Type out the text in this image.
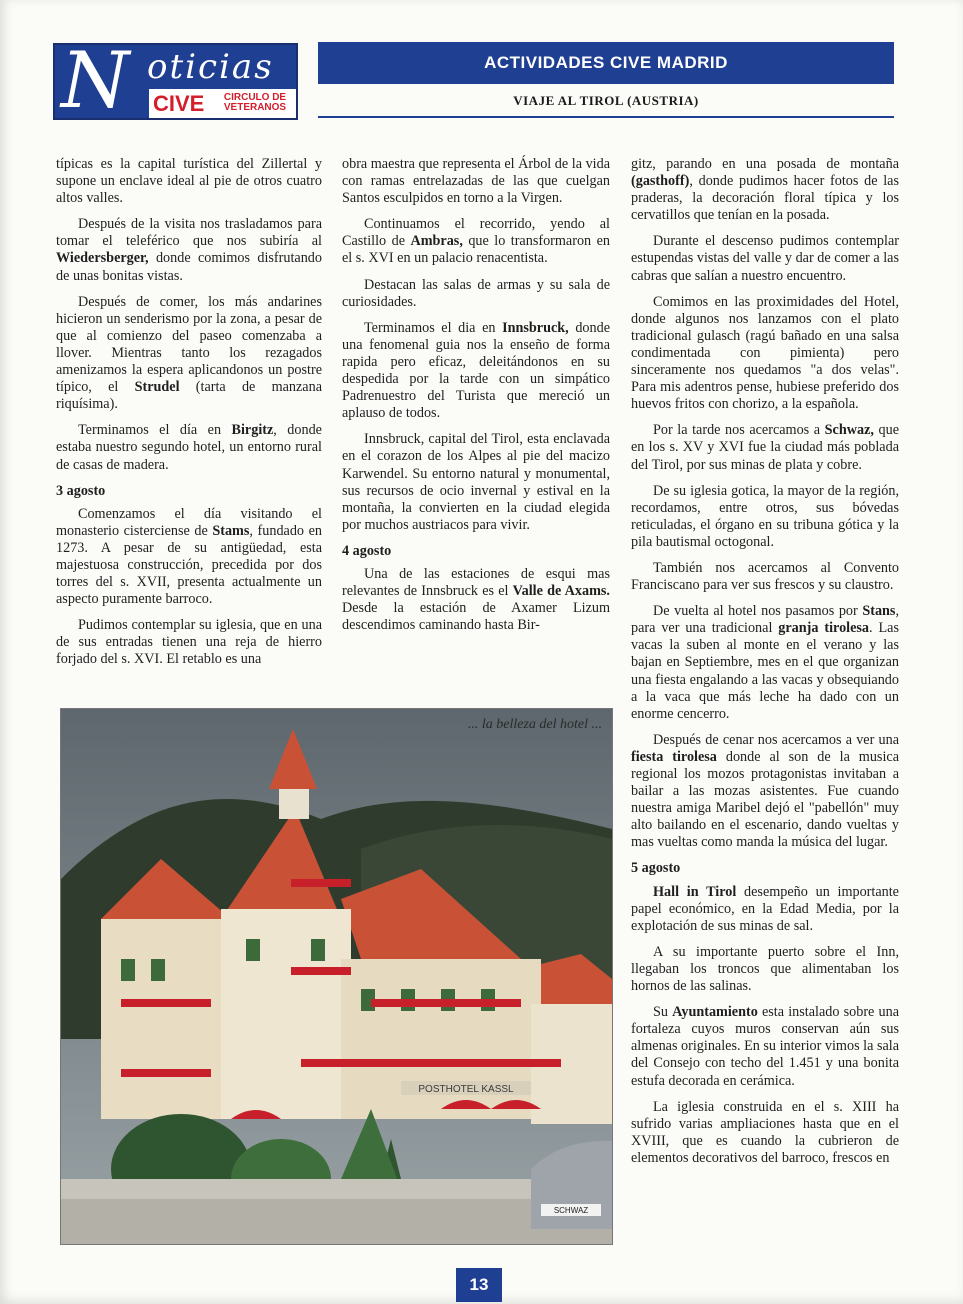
N oticias
CIVE	CIRCULO DE
VETERANOS
ACTIVIDADES CIVE MADRID
VIAJE AL TIROL (AUSTRIA)

típicas es la capital turística del Zillertal y supone un enclave ideal al pie de otros cuatro altos valles.

Después de la visita nos trasladamos para tomar el teleférico que nos subiría al Wiedersberger, donde comimos disfrutando de unas bonitas vistas.

Después de comer, los más andarines hicieron un senderismo por la zona, a pesar de que al comienzo del paseo comenzaba a llover. Mientras tanto los rezagados amenizamos la espera aplicandonos un postre típico, el Strudel (tarta de manzana riquísima).

Terminamos el día en Birgitz, donde estaba nuestro segundo hotel, un entorno rural de casas de madera.

3 agosto

Comenzamos el día visitando el monasterio cisterciense de Stams, fundado en 1273. A pesar de su antigüedad, esta majestuosa construcción, precedida por dos torres del s. XVII, presenta actualmente un aspecto puramente barroco.

Pudimos contemplar su iglesia, que en una de sus entradas tienen una reja de hierro forjado del s. XVI. El retablo es una

obra maestra que representa el Árbol de la vida con ramas entrelazadas de las que cuelgan Santos esculpidos en torno a la Virgen.

Continuamos el recorrido, yendo al Castillo de Ambras, que lo transformaron en el s. XVI en un palacio renacentista.

Destacan las salas de armas y su sala de curiosidades.

Terminamos el dia en Innsbruck, donde una fenomenal guia nos la enseño de forma rapida pero eficaz, deleitándonos en su despedida por la tarde con un simpático Padrenuestro del Turista que mereció un aplauso de todos.

Innsbruck, capital del Tirol, esta enclavada en el corazon de los Alpes al pie del macizo Karwendel. Su entorno natural y monumental, sus recursos de ocio invernal y estival en la montaña, la convierten en la ciudad elegida por muchos austriacos para vivir.

4 agosto

Una de las estaciones de esqui mas relevantes de Innsbruck es el Valle de Axams. Desde la estación de Axamer Lizum descendimos caminando hasta Bir-

gitz, parando en una posada de montaña (gasthoff), donde pudimos hacer fotos de las praderas, la decoración floral típica y los cervatillos que tenían en la posada.

Durante el descenso pudimos contemplar estupendas vistas del valle y dar de comer a las cabras que salían a nuestro encuentro.

Comimos en las proximidades del Hotel, donde algunos nos lanzamos con el plato tradicional gulasch (ragú bañado en una salsa condimentada con pimienta) pero sinceramente nos quedamos "a dos velas". Para mis adentros pense, hubiese preferido dos huevos fritos con chorizo, a la española.

Por la tarde nos acercamos a Schwaz, que en los s. XV y XVI fue la ciudad más poblada del Tirol, por sus minas de plata y cobre.

De su iglesia gotica, la mayor de la región, recordamos, entre otros, sus bóvedas reticuladas, el órgano en su tribuna gótica y la pila bautismal octogonal.

También nos acercamos al Convento Franciscano para ver sus frescos y su claustro.

De vuelta al hotel nos pasamos por Stans, para ver una tradicional granja tirolesa. Las vacas la suben al monte en el verano y las bajan en Septiembre, mes en el que organizan una fiesta engalando a las vacas y obsequiando a la vaca que más leche ha dado con un enorme cencerro.

Después de cenar nos acercamos a ver una fiesta tirolesa donde al son de la musica regional los mozos protagonistas invitaban a bailar a las mozas asistentes. Fue cuando nuestra amiga Maribel dejó el "pabellón" muy alto bailando en el escenario, dando vueltas y mas vueltas como manda la música del lugar.

5 agosto

Hall in Tirol desempeño un importante papel económico, en la Edad Media, por la explotación de sus minas de sal.

A su importante puerto sobre el Inn, llegaban los troncos que alimentaban los hornos de las salinas.

Su Ayuntamiento esta instalado sobre una fortaleza cuyos muros conservan aún sus almenas originales. En su interior vimos la sala del Consejo con techo del 1.451 y una bonita estufa decorada en cerámica.

La iglesia construida en el s. XIII ha sufrido varias ampliaciones hasta que en el XVIII, que es cuando la cubrieron de elementos decorativos del barroco, frescos en

POSTHOTEL KASSL
SCHWAZ
... la belleza del hotel ...
13
